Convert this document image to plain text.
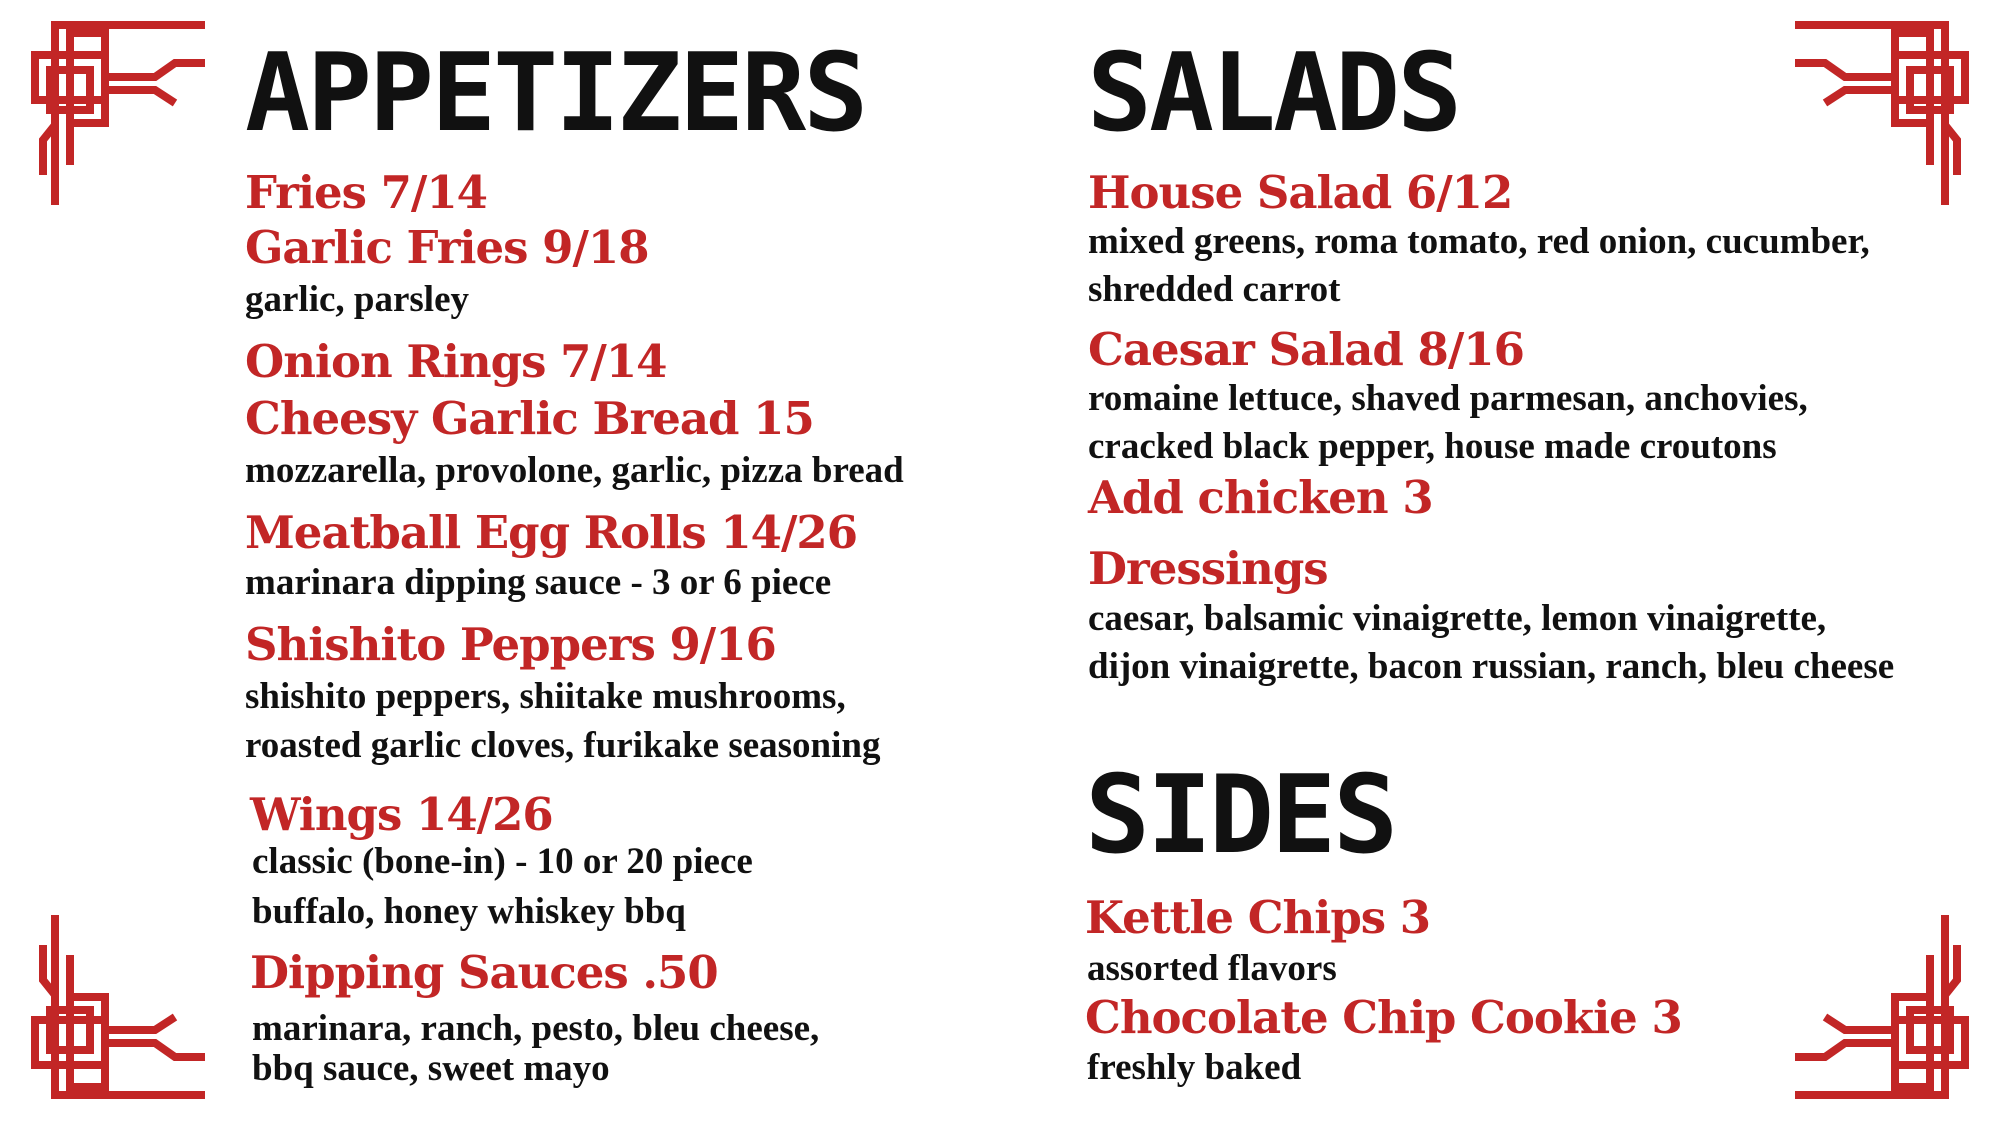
APPETIZERS
Fries 7/14
Garlic Fries 9/18
garlic, parsley
Onion Rings 7/14
Cheesy Garlic Bread 15
mozzarella, provolone, garlic, pizza bread
Meatball Egg Rolls 14/26
marinara dipping sauce - 3 or 6 piece
Shishito Peppers 9/16
shishito peppers, shiitake mushrooms,
roasted garlic cloves, furikake seasoning
Wings 14/26
classic (bone-in) - 10 or 20 piece
buffalo, honey whiskey bbq
Dipping Sauces .50
marinara, ranch, pesto, bleu cheese,
bbq sauce, sweet mayo
SALADS
House Salad 6/12
mixed greens, roma tomato, red onion, cucumber,
shredded carrot
Caesar Salad 8/16
romaine lettuce, shaved parmesan, anchovies,
cracked black pepper, house made croutons
Add chicken 3
Dressings
caesar, balsamic vinaigrette, lemon vinaigrette,
dijon vinaigrette, bacon russian, ranch, bleu cheese
SIDES
Kettle Chips 3
assorted flavors
Chocolate Chip Cookie 3
freshly baked
